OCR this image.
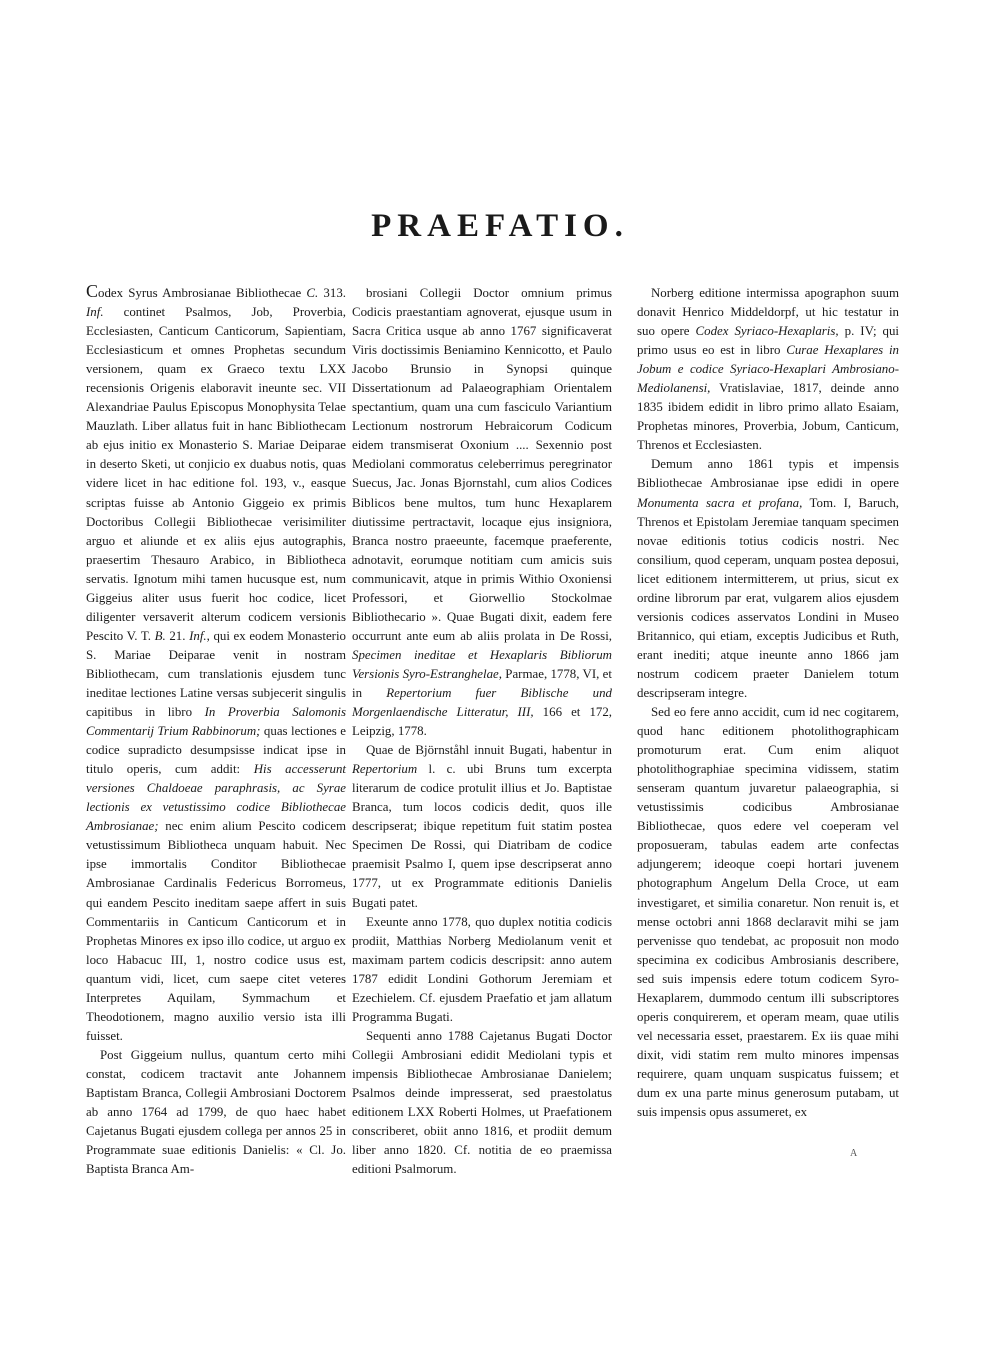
PRAEFATIO.

Codex Syrus Ambrosianae Bibliothecae C. 313. Inf. continet Psalmos, Job, Proverbia, Ecclesiasten, Canticum Canticorum, Sapientiam, Ecclesiasticum et omnes Prophetas secundum versionem, quam ex Graeco textu LXX recensionis Origenis elaboravit ineunte sec. VII Alexandriae Paulus Episcopus Monophysita Telae Mauzlath. Liber allatus fuit in hanc Bibliothecam ab ejus initio ex Monasterio S. Mariae Deiparae in deserto Sketi, ut conjicio ex duabus notis, quas videre licet in hac editione fol. 193, v., easque scriptas fuisse ab Antonio Giggeio ex primis Doctoribus Collegii Bibliothecae verisimiliter arguo et aliunde et ex aliis ejus autographis, praesertim Thesauro Arabico, in Bibliotheca servatis. Ignotum mihi tamen hucusque est, num Giggeius aliter usus fuerit hoc codice, licet diligenter versaverit alterum codicem versionis Pescito V. T. B. 21. Inf., qui ex eodem Monasterio S. Mariae Deiparae venit in nostram Bibliothecam, cum translationis ejusdem tunc ineditae lectiones Latine versas subjecerit singulis capitibus in libro In Proverbia Salomonis Commentarij Trium Rabbinorum; quas lectiones e codice supradicto desumpsisse indicat ipse in titulo operis, cum addit: His accesserunt versiones Chaldoeae paraphrasis, ac Syrae lectionis ex vetustissimo codice Bibliothecae Ambrosianae; nec enim alium Pescito codicem vetustissimum Bibliotheca unquam habuit. Nec ipse immortalis Conditor Bibliothecae Ambrosianae Cardinalis Federicus Borromeus, qui eandem Pescito ineditam saepe affert in suis Commentariis in Canticum Canticorum et in Prophetas Minores ex ipso illo codice, ut arguo ex loco Habacuc III, 1, nostro codice usus est, quantum vidi, licet, cum saepe citet veteres Interpretes Aquilam, Symmachum et Theodotionem, magno auxilio versio ista illi fuisset.

Post Giggeium nullus, quantum certo mihi constat, codicem tractavit ante Johannem Baptistam Branca, Collegii Ambrosiani Doctorem ab anno 1764 ad 1799, de quo haec habet Cajetanus Bugati ejusdem collega per annos 25 in Programmate suae editionis Danielis: « Cl. Jo. Baptista Branca Am-

brosiani Collegii Doctor omnium primus Codicis praestantiam agnoverat, ejusque usum in Sacra Critica usque ab anno 1767 significaverat Viris doctissimis Beniamino Kennicotto, et Paulo Jacobo Brunsio in Synopsi quinque Dissertationum ad Palaeographiam Orientalem spectantium, quam una cum fasciculo Variantium Lectionum nostrorum Hebraicorum Codicum eidem transmiserat Oxonium .... Sexennio post Mediolani commoratus celeberrimus peregrinator Suecus, Jac. Jonas Bjornstahl, cum alios Codices Biblicos bene multos, tum hunc Hexaplarem diutissime pertractavit, locaque ejus insigniora, Branca nostro praeeunte, facemque praeferente, adnotavit, eorumque notitiam cum amicis suis communicavit, atque in primis Withio Oxoniensi Professori, et Giorwellio Stockolmae Bibliothecario ». Quae Bugati dixit, eadem fere occurrunt ante eum ab aliis prolata in De Rossi, Specimen ineditae et Hexaplaris Bibliorum Versionis Syro-Estranghelae, Parmae, 1778, VI, et in Repertorium fuer Biblische und Morgenlaendische Litteratur, III, 166 et 172, Leipzig, 1778.

Quae de Björnståhl innuit Bugati, habentur in Repertorium l. c. ubi Bruns tum excerpta literarum de codice protulit illius et Jo. Baptistae Branca, tum locos codicis dedit, quos ille descripserat; ibique repetitum fuit statim postea Specimen De Rossi, qui Diatribam de codice praemisit Psalmo I, quem ipse descripserat anno 1777, ut ex Programmate editionis Danielis Bugati patet.

Exeunte anno 1778, quo duplex notitia codicis prodiit, Matthias Norberg Mediolanum venit et maximam partem codicis descripsit: anno autem 1787 edidit Londini Gothorum Jeremiam et Ezechielem. Cf. ejusdem Praefatio et jam allatum Programma Bugati.

Sequenti anno 1788 Cajetanus Bugati Doctor Collegii Ambrosiani edidit Mediolani typis et impensis Bibliothecae Ambrosianae Danielem; Psalmos deinde impresserat, sed praestolatus editionem LXX Roberti Holmes, ut Praefationem conscriberet, obiit anno 1816, et prodiit demum liber anno 1820. Cf. notitia de eo praemissa editioni Psalmorum.

Norberg editione intermissa apographon suum donavit Henrico Middeldorpf, ut hic testatur in suo opere Codex Syriaco-Hexaplaris, p. IV; qui primo usus eo est in libro Curae Hexaplares in Jobum e codice Syriaco-Hexaplari Ambrosiano-Mediolanensi, Vratislaviae, 1817, deinde anno 1835 ibidem edidit in libro primo allato Esaiam, Prophetas minores, Proverbia, Jobum, Canticum, Threnos et Ecclesiasten.

Demum anno 1861 typis et impensis Bibliothecae Ambrosianae ipse edidi in opere Monumenta sacra et profana, Tom. I, Baruch, Threnos et Epistolam Jeremiae tanquam specimen novae editionis totius codicis nostri. Nec consilium, quod ceperam, unquam postea deposui, licet editionem intermitterem, ut prius, sicut ex ordine librorum par erat, vulgarem alios ejusdem versionis codices asservatos Londini in Museo Britannico, qui etiam, exceptis Judicibus et Ruth, erant inediti; atque ineunte anno 1866 jam nostrum codicem praeter Danielem totum descripseram integre.

Sed eo fere anno accidit, cum id nec cogitarem, quod hanc editionem photolithographicam promoturum erat. Cum enim aliquot photolithographiae specimina vidissem, statim senseram quantum juvaretur palaeographia, si vetustissimis codicibus Ambrosianae Bibliothecae, quos edere vel coeperam vel proposueram, tabulas eadem arte confectas adjungerem; ideoque coepi hortari juvenem photographum Angelum Della Croce, ut eam investigaret, et similia conaretur. Non renuit is, et mense octobri anni 1868 declaravit mihi se jam pervenisse quo tendebat, ac proposuit non modo specimina ex codicibus Ambrosianis describere, sed suis impensis edere totum codicem Syro-Hexaplarem, dummodo centum illi subscriptores operis conquirerem, et operam meam, quae utilis vel necessaria esset, praestarem. Ex iis quae mihi dixit, vidi statim rem multo minores impensas requirere, quam unquam suspicatus fuissem; et dum ex una parte minus generosum putabam, ut suis impensis opus assumeret, ex

A
